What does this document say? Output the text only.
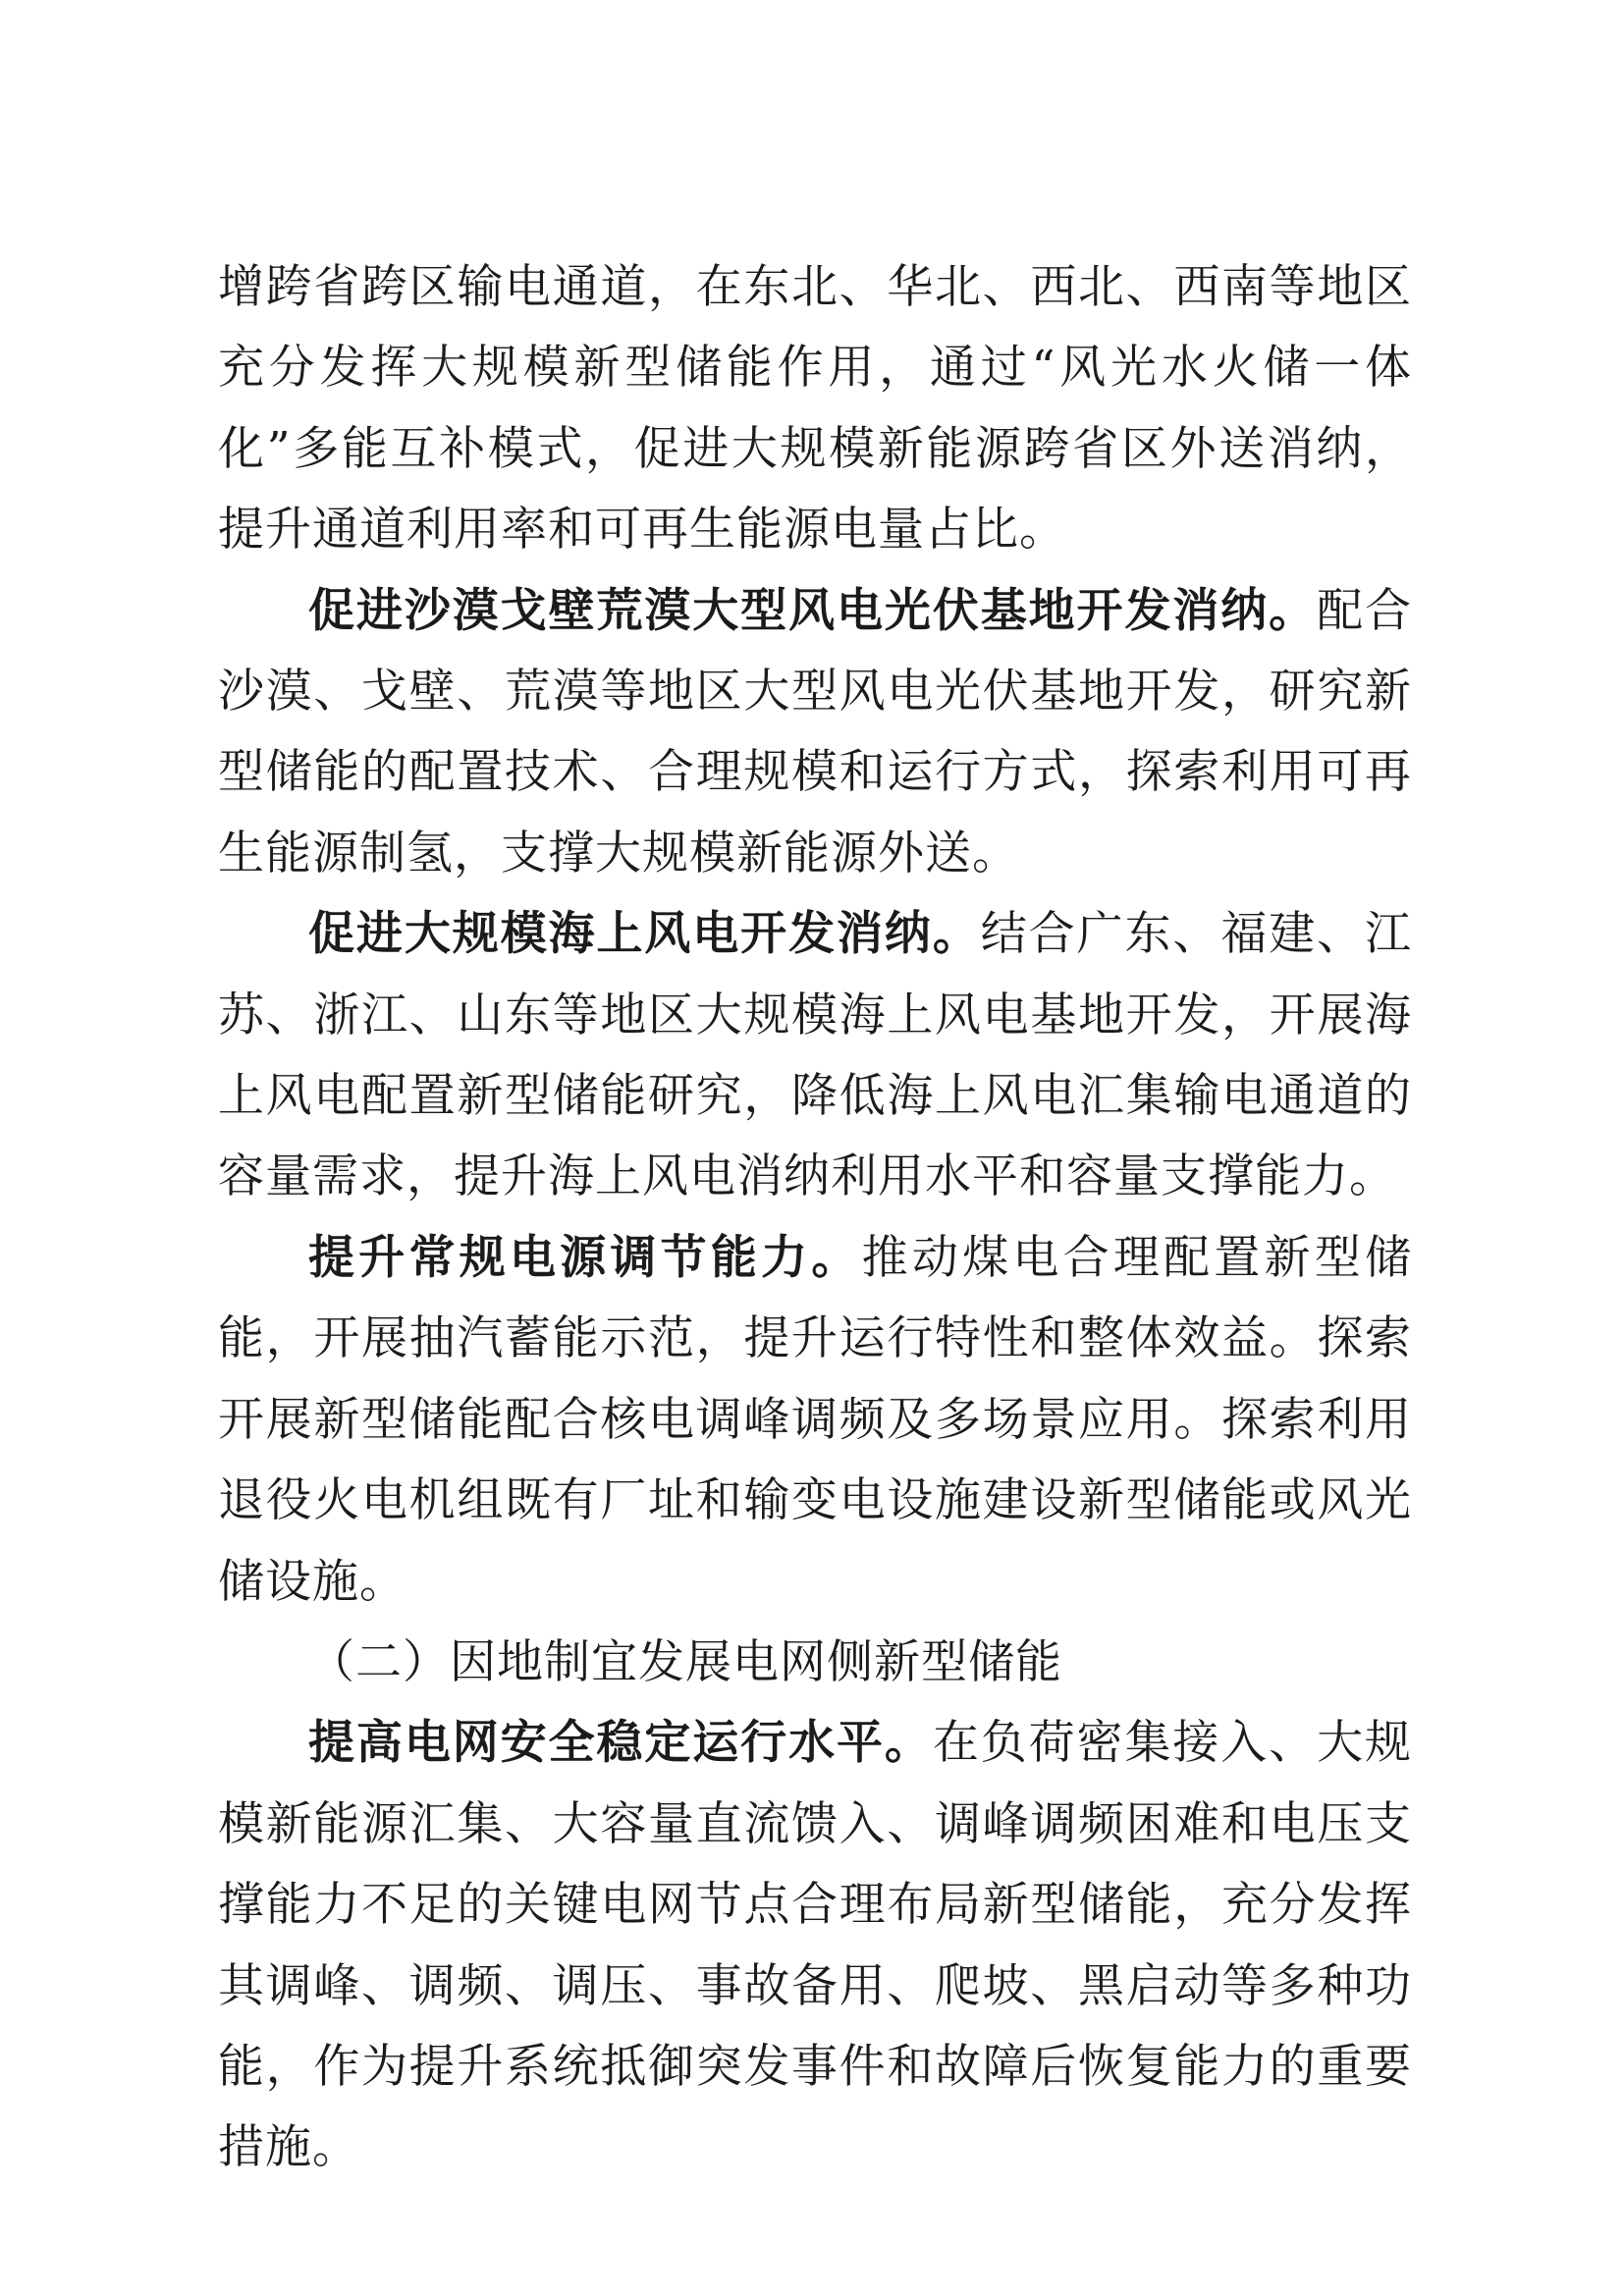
增跨省跨区输电通道，在东北、华北、西北、西南等地区充分发挥大规模新型储能作用，通过“风光水火储一体化”多能互补模式，促进大规模新能源跨省区外送消纳，提升通道利用率和可再生能源电量占比。

促进沙漠戈壁荒漠大型风电光伏基地开发消纳。配合沙漠、戈壁、荒漠等地区大型风电光伏基地开发，研究新型储能的配置技术、合理规模和运行方式，探索利用可再生能源制氢，支撑大规模新能源外送。

促进大规模海上风电开发消纳。结合广东、福建、江苏、浙江、山东等地区大规模海上风电基地开发，开展海上风电配置新型储能研究，降低海上风电汇集输电通道的容量需求，提升海上风电消纳利用水平和容量支撑能力。

提升常规电源调节能力。推动煤电合理配置新型储能，开展抽汽蓄能示范，提升运行特性和整体效益。探索开展新型储能配合核电调峰调频及多场景应用。探索利用退役火电机组既有厂址和输变电设施建设新型储能或风光储设施。

（二）因地制宜发展电网侧新型储能

提高电网安全稳定运行水平。在负荷密集接入、大规模新能源汇集、大容量直流馈入、调峰调频困难和电压支撑能力不足的关键电网节点合理布局新型储能，充分发挥其调峰、调频、调压、事故备用、爬坡、黑启动等多种功能，作为提升系统抵御突发事件和故障后恢复能力的重要措施。
